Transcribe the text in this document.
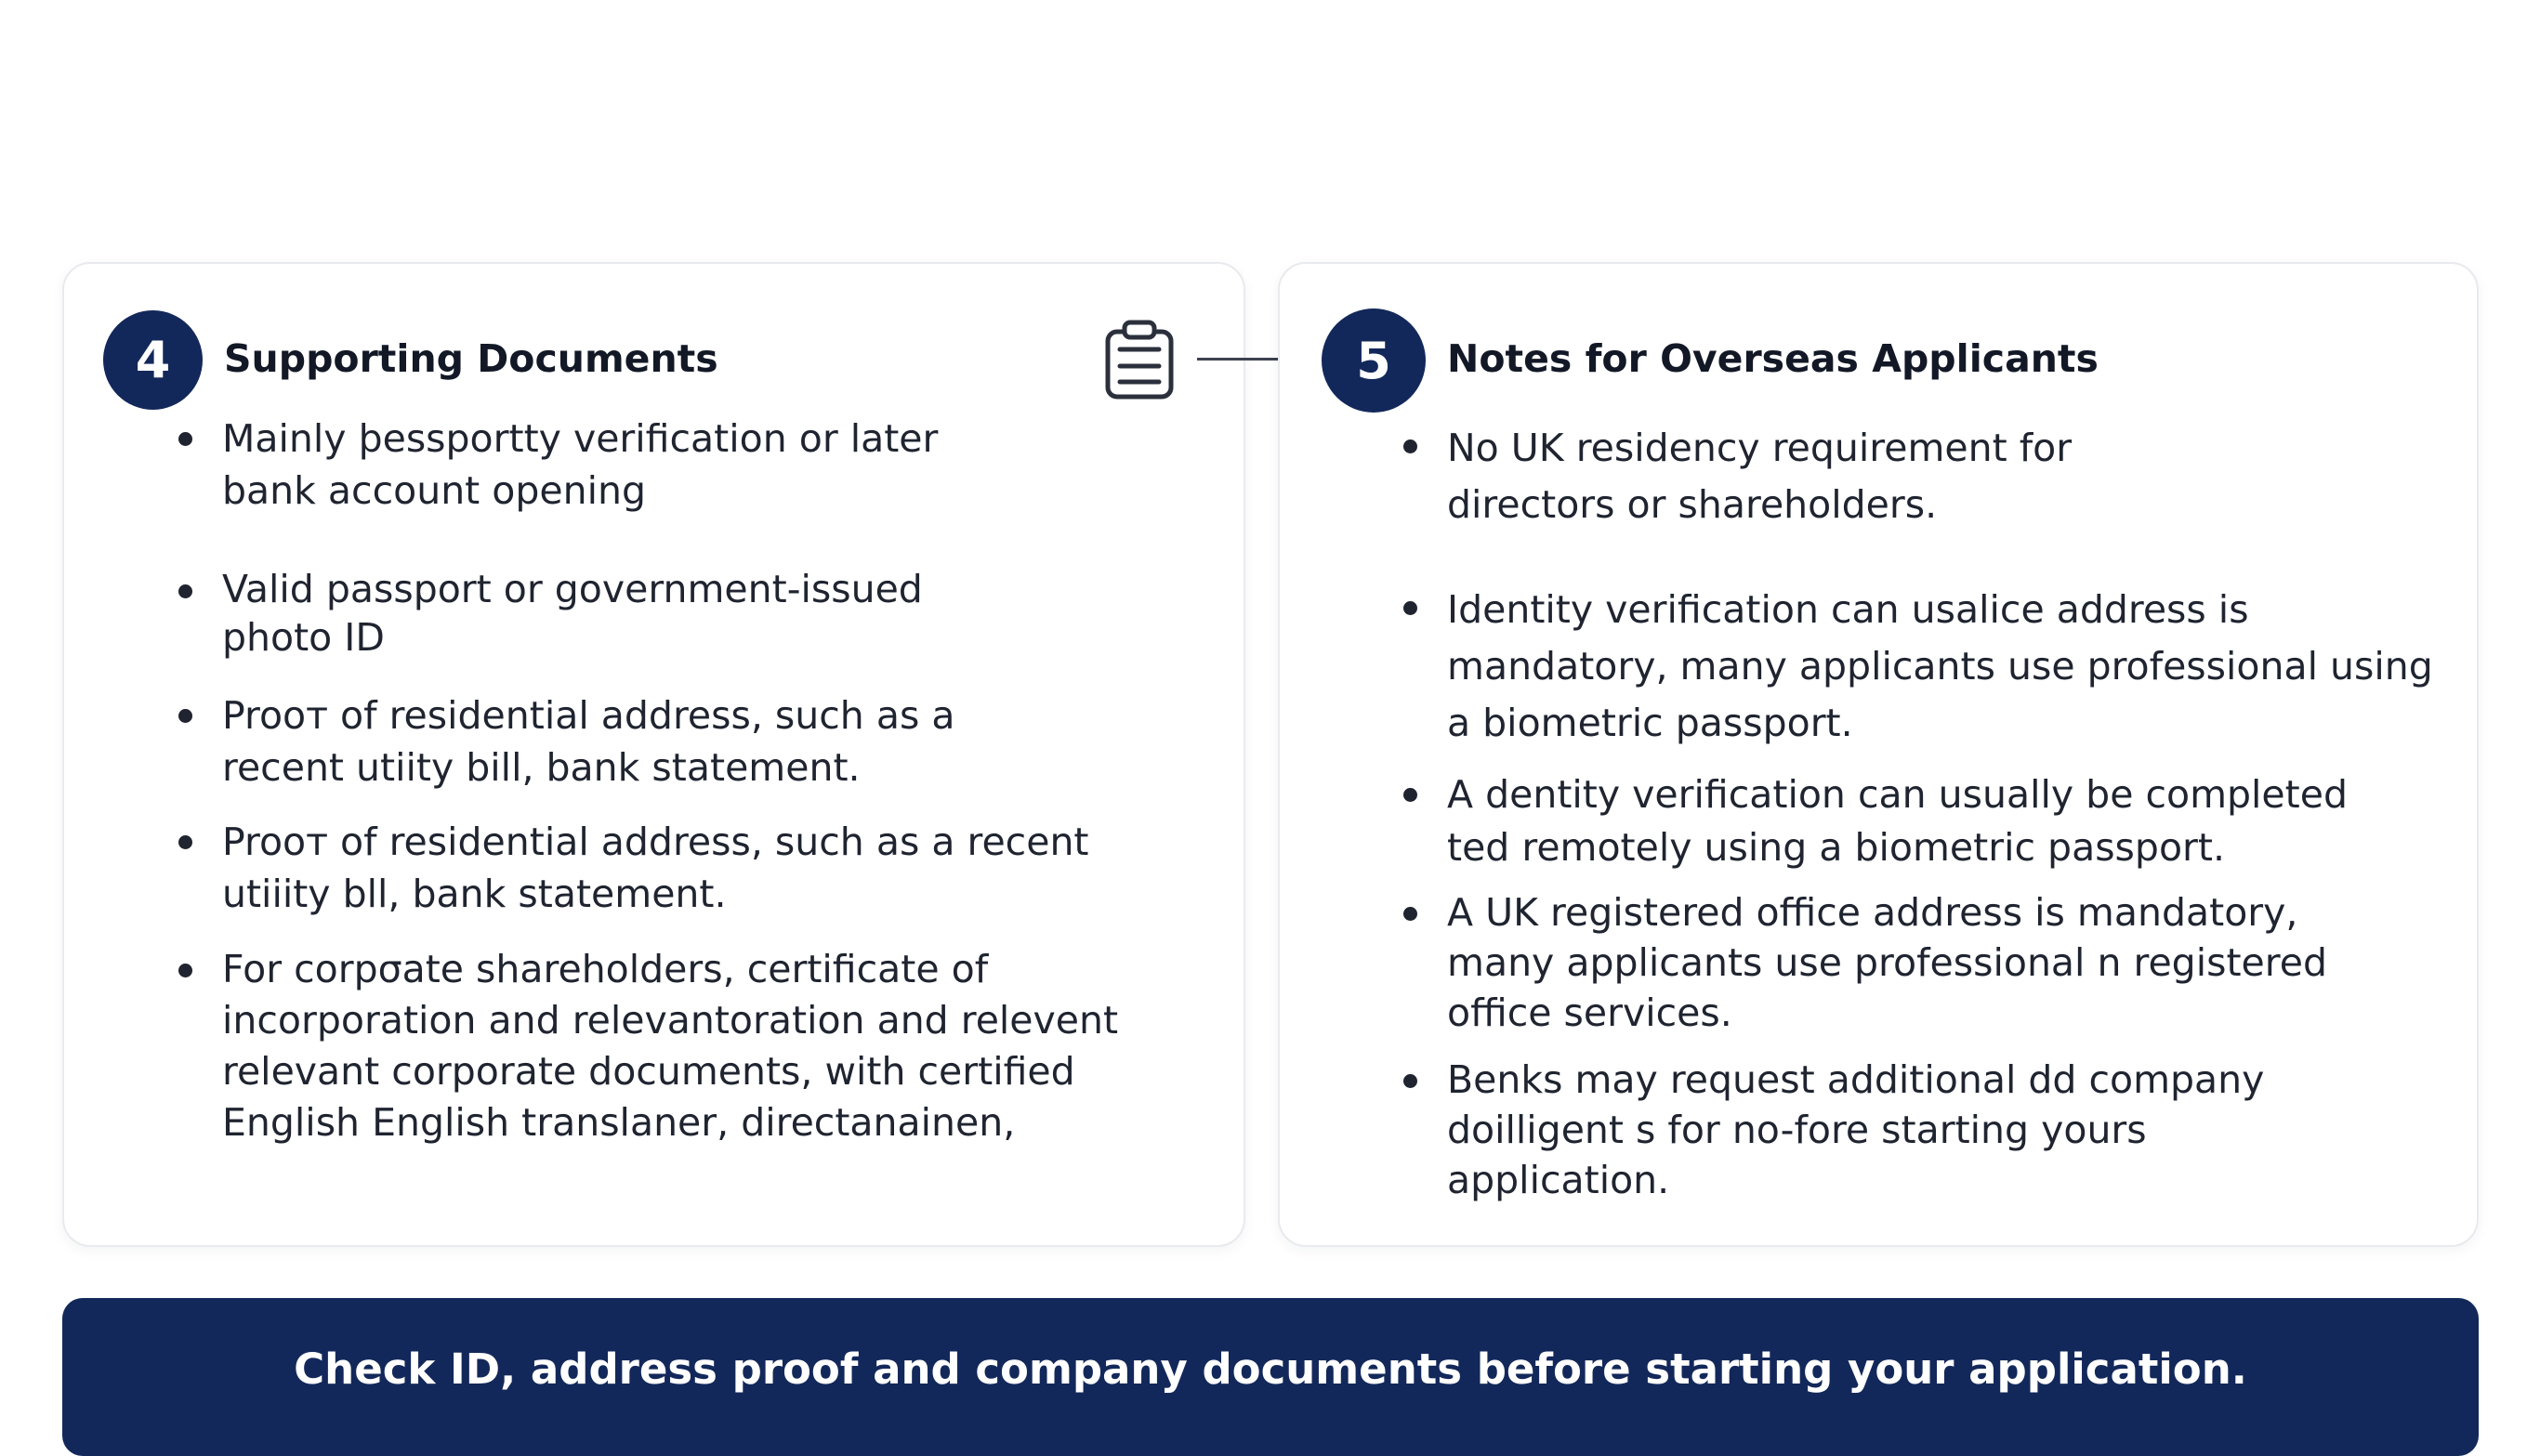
4	Supporting Documents
Mainly þessportty verification or later bank account opening
Valid passport or government-issued photo ID
Prooт of residential address, such as a recent utiity bill, bank statement.
Prooт of residential address, such as a recent utiiity bll, bank statement.
For corpσate shareholders, certificate of incorporation and relevantoration and relevent relevant corporate documents, with certified English English translaner, directanainen,
5	Notes for Overseas Applicants
No UK residency requirement for directors or shareholders.
Identity verification can usalice address is mandatory, many applicants use professional using a biometric passport.
A dentity verification can usually be completed ted remotely using a biometric passport.
A UK registered office address is mandatory, many applicants use professional n registered office services.
Benks may request additional dd company doilligent s for no-fore starting yours application.
Check ID, address proof and company documents before starting your application.
